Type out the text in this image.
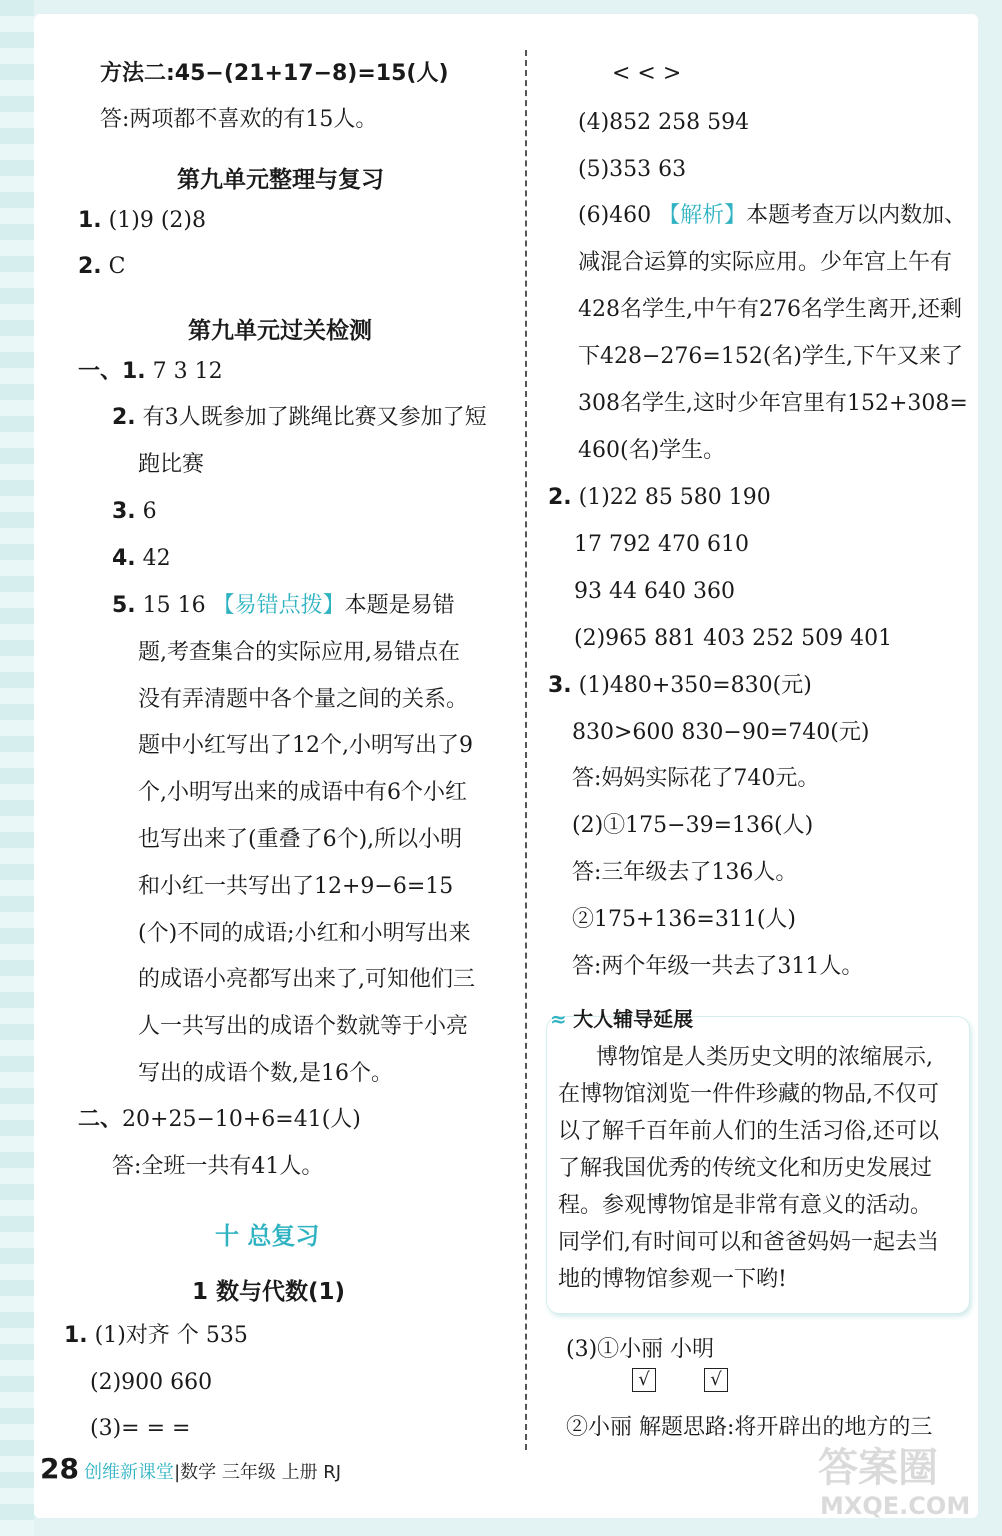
方法二:45−(21+17−8)=15(人)
答:两项都不喜欢的有15人。
第九单元整理与复习
1. (1)9 (2)8
2. C
第九单元过关检测
一、1. 7 3 12
2. 有3人既参加了跳绳比赛又参加了短
跑比赛
3. 6
4. 42
5. 15 16 【易错点拨】本题是易错
题,考查集合的实际应用,易错点在
没有弄清题中各个量之间的关系。
题中小红写出了12个,小明写出了9
个,小明写出来的成语中有6个小红
也写出来了(重叠了6个),所以小明
和小红一共写出了12+9−6=15
(个)不同的成语;小红和小明写出来
的成语小亮都写出来了,可知他们三
人一共写出的成语个数就等于小亮
写出的成语个数,是16个。
二、20+25−10+6=41(人)
答:全班一共有41人。
十 总复习
1 数与代数(1)
1. (1)对齐 个 535
(2)900 660
(3)= = =
< < >
(4)852 258 594
(5)353 63
(6)460 【解析】本题考查万以内数加、
减混合运算的实际应用。少年宫上午有
428名学生,中午有276名学生离开,还剩
下428−276=152(名)学生,下午又来了
308名学生,这时少年宫里有152+308=
460(名)学生。
2. (1)22 85 580 190
17 792 470 610
93 44 640 360
(2)965 881 403 252 509 401
3. (1)480+350=830(元)
830>600 830−90=740(元)
答:妈妈实际花了740元。
(2)①175−39=136(人)
答:三年级去了136人。
②175+136=311(人)
答:两个年级一共去了311人。
≈ 大人辅导延展
博物馆是人类历史文明的浓缩展示,
在博物馆浏览一件件珍藏的物品,不仅可
以了解千百年前人们的生活习俗,还可以
了解我国优秀的传统文化和历史发展过
程。参观博物馆是非常有意义的活动。
同学们,有时间可以和爸爸妈妈一起去当
地的博物馆参观一下哟!
(3)①小丽 小明
√	√
②小丽 解题思路:将开辟出的地方的三
28 创维新课堂|数学 三年级 上册 RJ	答案圈
MXQE.COM
